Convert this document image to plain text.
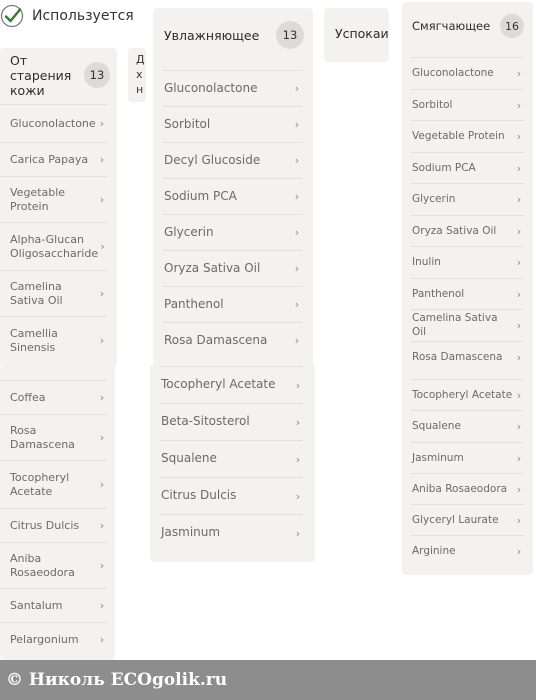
Используется
От старения кожи
13
Д х н
Увлажняющее	13	Успокаи
Смягчающее	16
Gluconolactone ›
Carica Papaya	›
Vegetable Protein	›
Alpha-Glucan Oligosaccharide ›
Camelina Sativa Oil	›
Camellia Sinensis	›
Coffea	›
Rosa Damascena	›
Tocopheryl Acetate	›
Citrus Dulcis	›
Aniba Rosaeodora	›
Santalum	›
Pelargonium	›
Gluconolactone	›
Sorbitol	›
Decyl Glucoside	›
Sodium PCA	›
Glycerin	›
Oryza Sativa Oil	›
Panthenol	›
Rosa Damascena	›
Tocopheryl Acetate	›
Beta-Sitosterol	›
Squalene	›
Citrus Dulcis	›
Jasminum	›
Gluconolactone	›
Sorbitol	›
Vegetable Protein	›
Sodium PCA	›
Glycerin	›
Oryza Sativa Oil	›
Inulin	›
Panthenol	›
Camelina Sativa Oil	›
Rosa Damascena	›
Tocopheryl Acetate ›
Squalene	›
Jasminum	›
Aniba Rosaeodora ›
Glyceryl Laurate	›
Arginine	›
© Николь ECOgolik.ru
